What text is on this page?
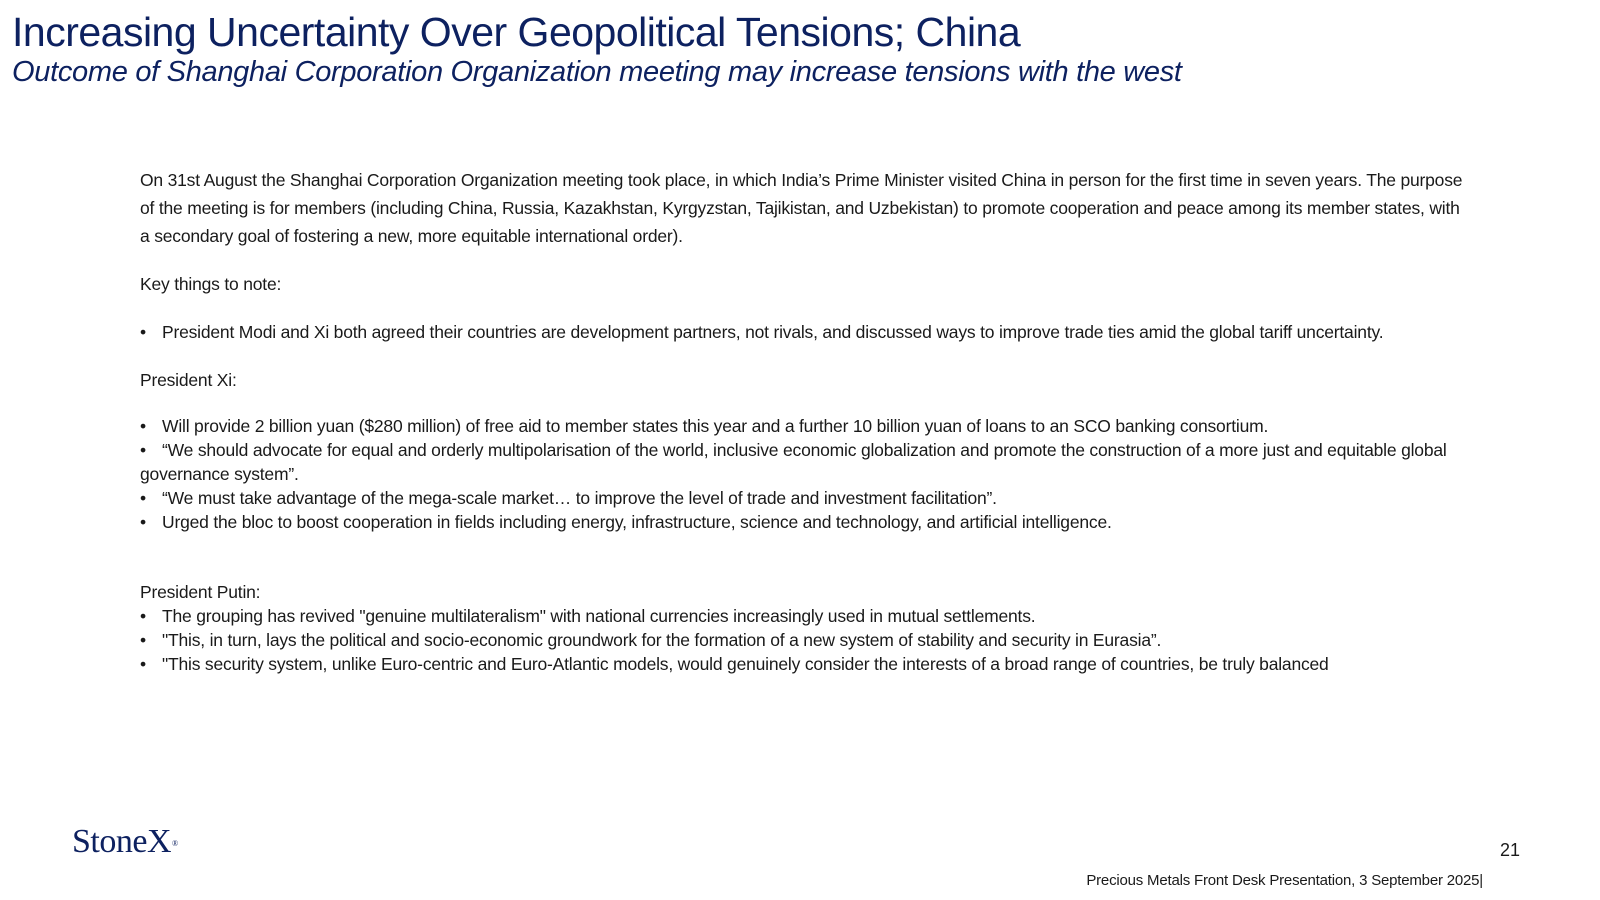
Increasing Uncertainty Over Geopolitical Tensions; China
Outcome of Shanghai Corporation Organization meeting may increase tensions with the west

On 31st August the Shanghai Corporation Organization meeting took place, in which India’s Prime Minister visited China in person for the first time in seven years. The purpose of the meeting is for members (including China, Russia, Kazakhstan, Kyrgyzstan, Tajikistan, and Uzbekistan) to promote cooperation and peace among its member states, with a secondary goal of fostering a new, more equitable international order).

Key things to note:

• President Modi and Xi both agreed their countries are development partners, not rivals, and discussed ways to improve trade ties amid the global tariff uncertainty.

President Xi:

• Will provide 2 billion yuan ($280 million) of free aid to member states this year and a further 10 billion yuan of loans to an SCO banking consortium.
• “We should advocate for equal and orderly multipolarisation of the world, inclusive economic globalization and promote the construction of a more just and equitable global governance system”.
• “We must take advantage of the mega-scale market… to improve the level of trade and investment facilitation”.
• Urged the bloc to boost cooperation in fields including energy, infrastructure, science and technology, and artificial intelligence.

President Putin:

• The grouping has revived "genuine multilateralism" with national currencies increasingly used in mutual settlements.
• "This, in turn, lays the political and socio-economic groundwork for the formation of a new system of stability and security in Eurasia”.
• "This security system, unlike Euro-centric and Euro-Atlantic models, would genuinely consider the interests of a broad range of countries, be truly balanced
StoneX®	21
Precious Metals Front Desk Presentation, 3 September 2025|
